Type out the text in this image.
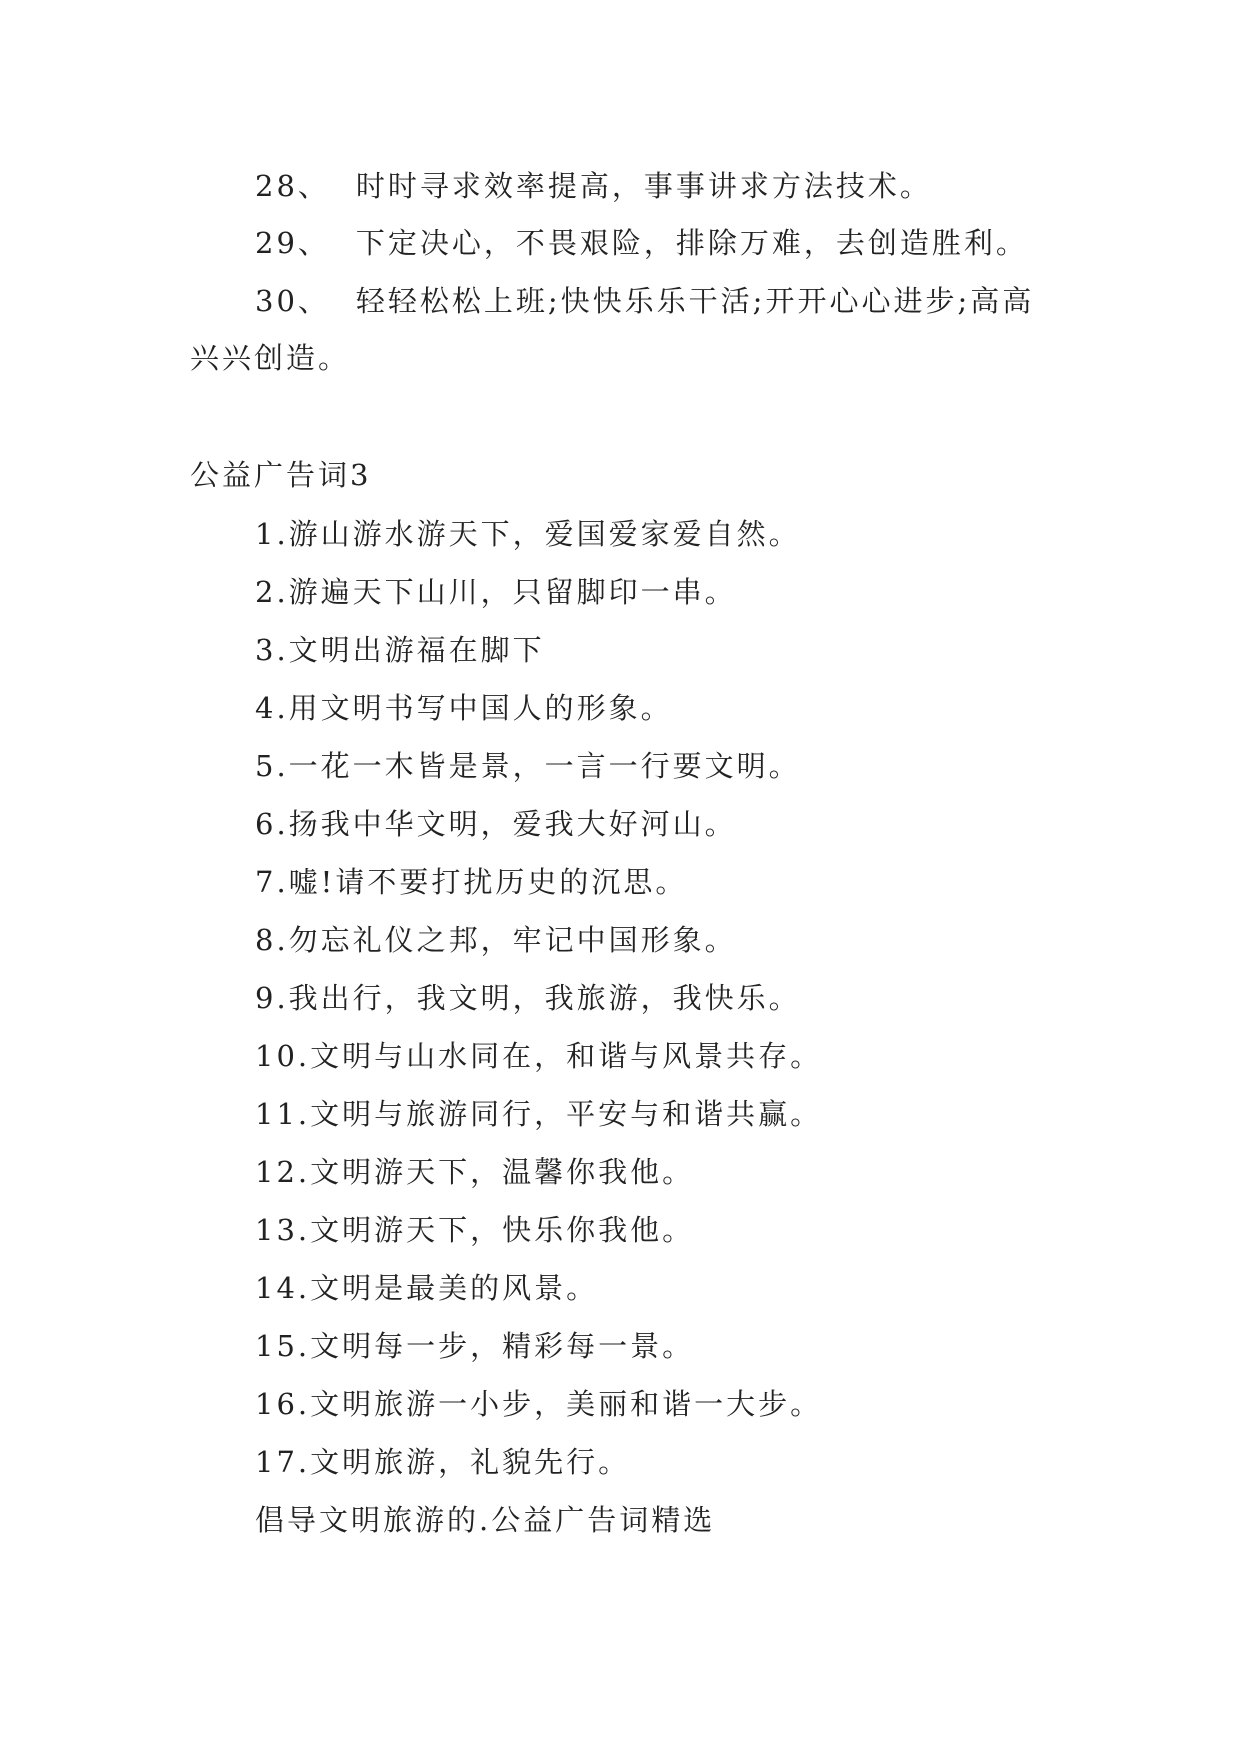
28、 时时寻求效率提高，事事讲求方法技术。
29、 下定决心，不畏艰险，排除万难，去创造胜利。
30、 轻轻松松上班;快快乐乐干活;开开心心进步;高高
兴兴创造。
公益广告词3
1.游山游水游天下，爱国爱家爱自然。
2.游遍天下山川，只留脚印一串。
3.文明出游福在脚下
4.用文明书写中国人的形象。
5.一花一木皆是景，一言一行要文明。
6.扬我中华文明，爱我大好河山。
7.嘘!请不要打扰历史的沉思。
8.勿忘礼仪之邦，牢记中国形象。
9.我出行，我文明，我旅游，我快乐。
10.文明与山水同在，和谐与风景共存。
11.文明与旅游同行，平安与和谐共赢。
12.文明游天下，温馨你我他。
13.文明游天下，快乐你我他。
14.文明是最美的风景。
15.文明每一步，精彩每一景。
16.文明旅游一小步，美丽和谐一大步。
17.文明旅游，礼貌先行。
倡导文明旅游的.公益广告词精选
